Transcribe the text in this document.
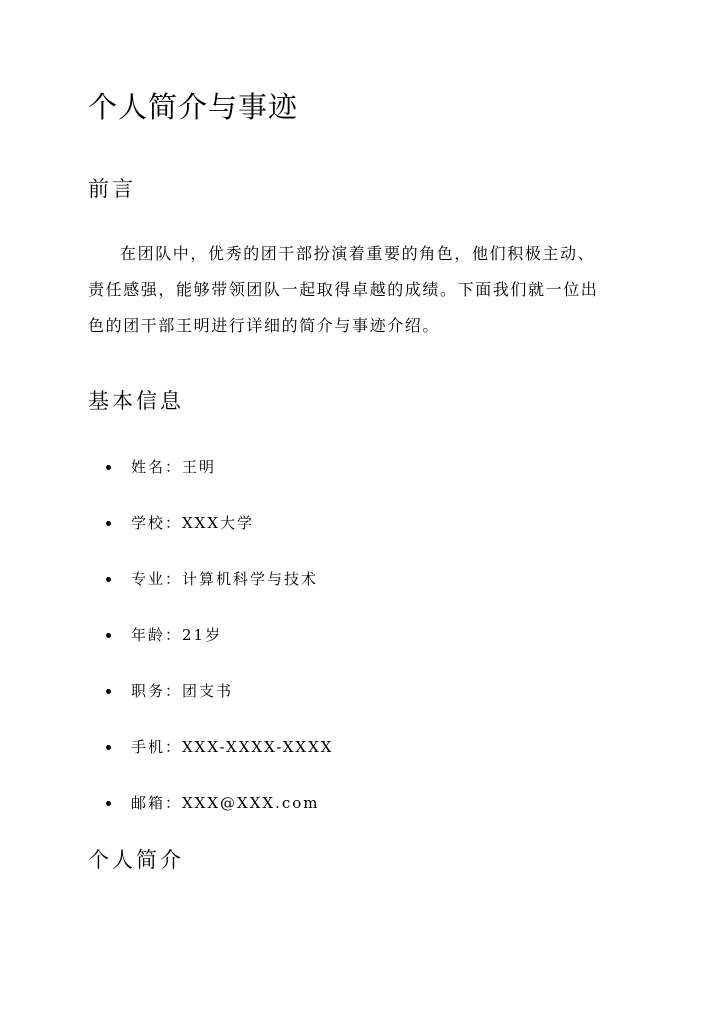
个人简介与事迹
前言

在团队中，优秀的团干部扮演着重要的角色，他们积极主动、
责任感强，能够带领团队一起取得卓越的成绩。下面我们就一位出
色的团干部王明进行详细的简介与事迹介绍。

基本信息
姓名：王明
学校：XXX大学
专业：计算机科学与技术
年龄：21岁
职务：团支书
手机：XXX-XXXX-XXXX
邮箱：XXX@XXX.com
个人简介
